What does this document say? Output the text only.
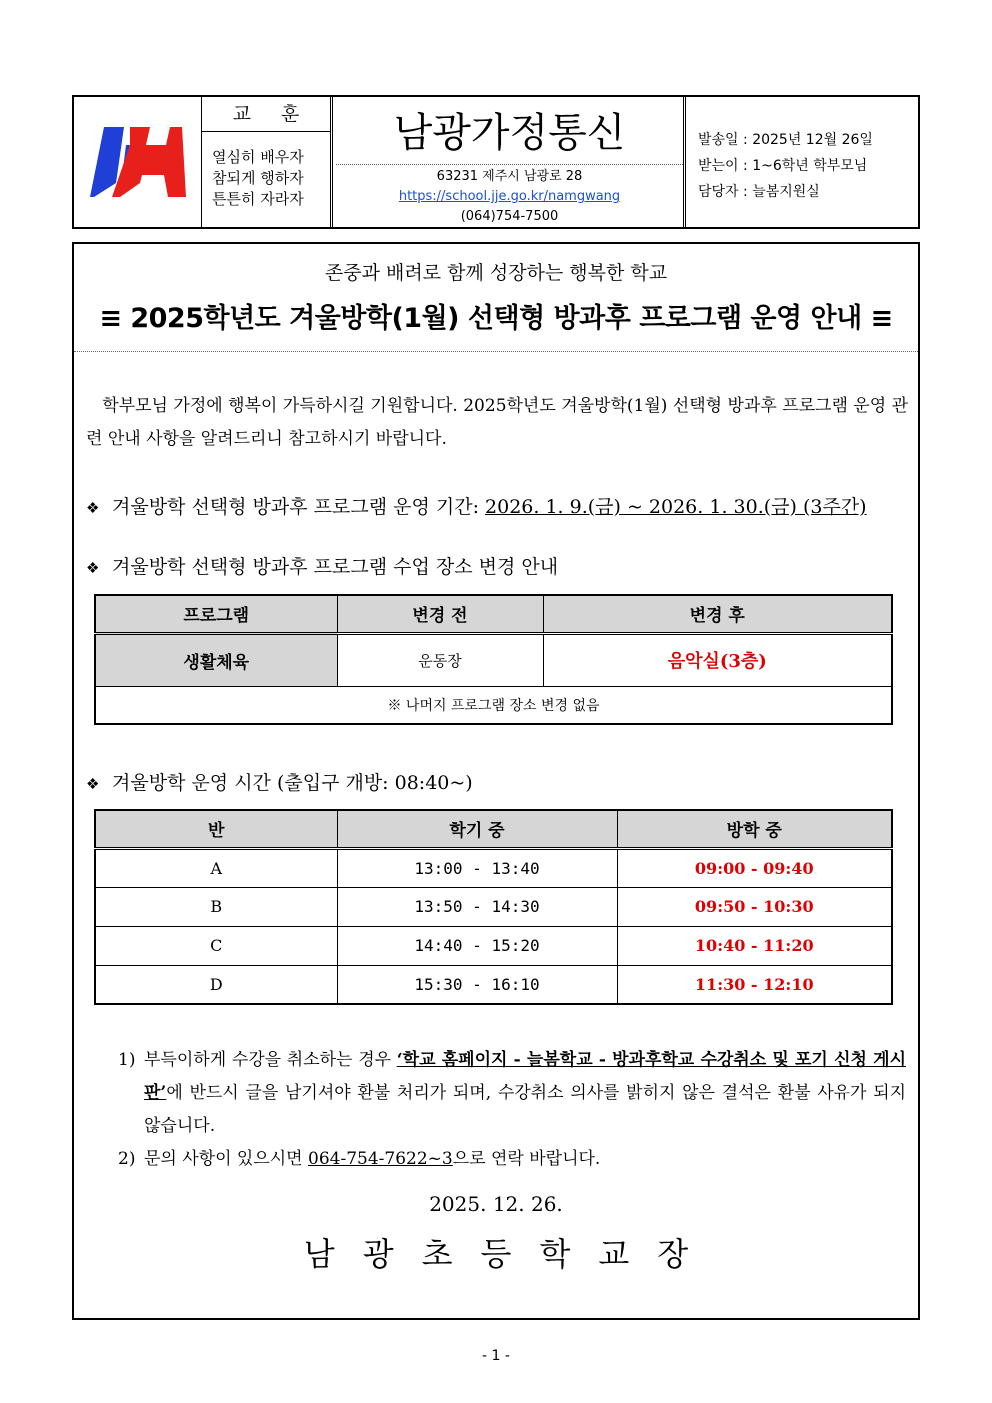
교 훈
열심히 배우자
참되게 행하자
튼튼히 자라자
남광가정통신
63231 제주시 남광로 28
https://school.jje.go.kr/namgwang
(064)754-7500
발송일 : 2025년 12월 26일
받는이 : 1~6학년 학부모님
담당자 : 늘봄지원실
존중과 배려로 함께 성장하는 행복한 학교
≡ 2025학년도 겨울방학(1월) 선택형 방과후 프로그램 운영 안내 ≡
학부모님 가정에 행복이 가득하시길 기원합니다. 2025학년도 겨울방학(1월) 선택형 방과후 프로그램 운영 관련 안내 사항을 알려드리니 참고하시기 바랍니다.
❖ 겨울방학 선택형 방과후 프로그램 운영 기간: 2026. 1. 9.(금) ~ 2026. 1. 30.(금) (3주간)
❖ 겨울방학 선택형 방과후 프로그램 수업 장소 변경 안내
프로그램	변경 전	변경 후
생활체육	운동장	음악실(3층)
※ 나머지 프로그램 장소 변경 없음		
❖ 겨울방학 운영 시간 (출입구 개방: 08:40~)
반	학기 중	방학 중
A	13:00 - 13:40	09:00 - 09:40
B	13:50 - 14:30	09:50 - 10:30
C	14:40 - 15:20	10:40 - 11:20
D	15:30 - 16:10	11:30 - 12:10
1) 부득이하게 수강을 취소하는 경우 ‘학교 홈페이지 - 늘봄학교 - 방과후학교 수강취소 및 포기 신청 게시판’에 반드시 글을 남기셔야 환불 처리가 되며, 수강취소 의사를 밝히지 않은 결석은 환불 사유가 되지 않습니다.
2) 문의 사항이 있으시면 064-754-7622~3으로 연락 바랍니다.
2025. 12. 26.
남광초등학교장
- 1 -
